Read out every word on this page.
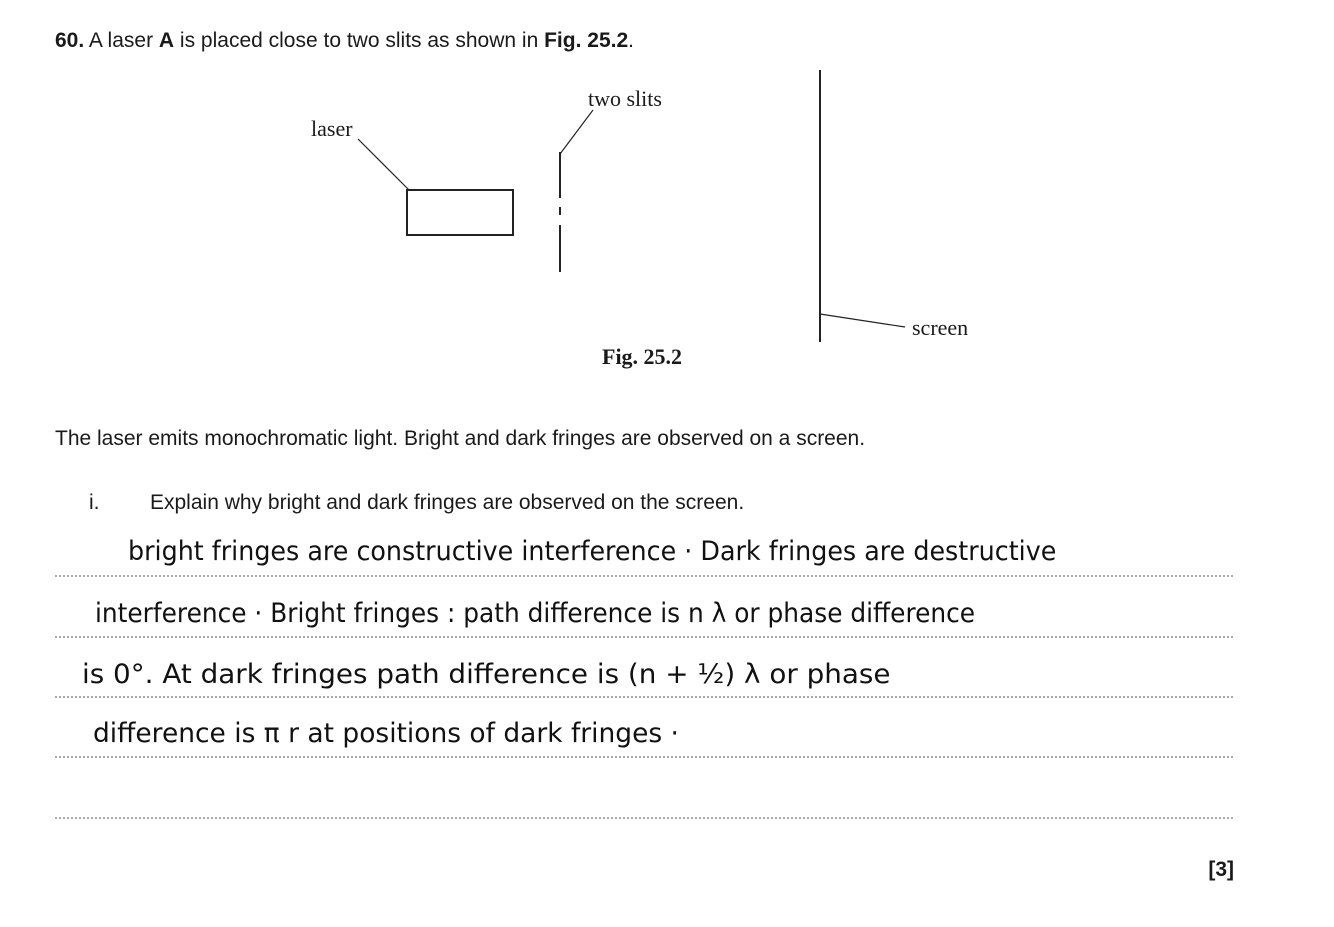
60. A laser A is placed close to two slits as shown in Fig. 25.2.
laser
two slits
screen
Fig. 25.2
The laser emits monochromatic light. Bright and dark fringes are observed on a screen.
i. Explain why bright and dark fringes are observed on the screen.
bright fringes are constructive interference · Dark fringes are destructive
interference · Bright fringes : path difference is n λ or phase difference
is 0°. At dark fringes path difference is (n + ½) λ or phase
difference is π r at positions of dark fringes ·
[3]
